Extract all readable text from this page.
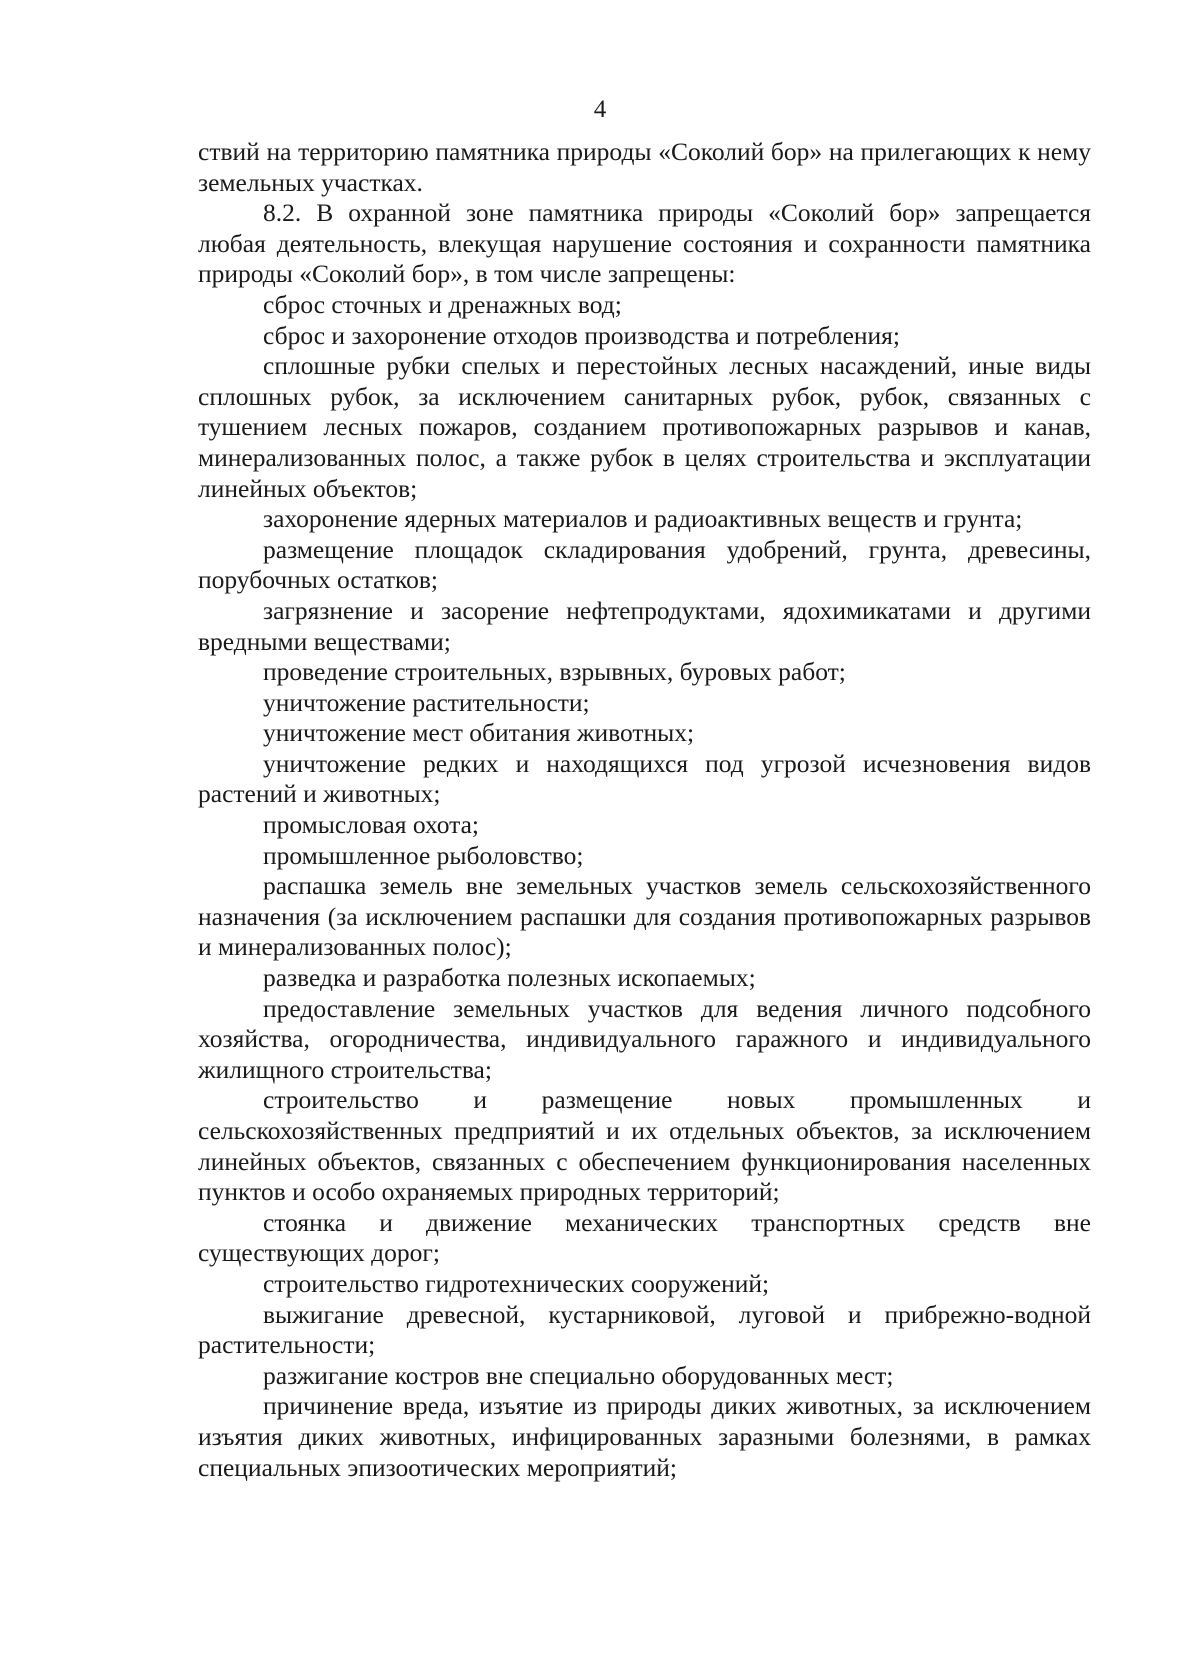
4

ствий на территорию памятника природы «Соколий бор» на прилегающих к нему земельных участках.

8.2. В охранной зоне памятника природы «Соколий бор» запрещается любая деятельность, влекущая нарушение состояния и сохранности памятника природы «Соколий бор», в том числе запрещены:

сброс сточных и дренажных вод;

сброс и захоронение отходов производства и потребления;

сплошные рубки спелых и перестойных лесных насаждений, иные виды сплошных рубок, за исключением санитарных рубок, рубок, связанных с тушением лесных пожаров, созданием противопожарных разрывов и канав, минерализованных полос, а также рубок в целях строительства и эксплуатации линейных объектов;

захоронение ядерных материалов и радиоактивных веществ и грунта;

размещение площадок складирования удобрений, грунта, древесины, порубочных остатков;

загрязнение и засорение нефтепродуктами, ядохимикатами и другими вредными веществами;

проведение строительных, взрывных, буровых работ;

уничтожение растительности;

уничтожение мест обитания животных;

уничтожение редких и находящихся под угрозой исчезновения видов растений и животных;

промысловая охота;

промышленное рыболовство;

распашка земель вне земельных участков земель сельскохозяйственного назначения (за исключением распашки для создания противопожарных разрывов и минерализованных полос);

разведка и разработка полезных ископаемых;

предоставление земельных участков для ведения личного подсобного хозяйства, огородничества, индивидуального гаражного и индивидуального жилищного строительства;

строительство и размещение новых промышленных и сельскохозяйственных предприятий и их отдельных объектов, за исключением линейных объектов, связанных с обеспечением функционирования населенных пунктов и особо охраняемых природных территорий;

стоянка и движение механических транспортных средств вне существующих дорог;

строительство гидротехнических сооружений;

выжигание древесной, кустарниковой, луговой и прибрежно-водной растительности;

разжигание костров вне специально оборудованных мест;

причинение вреда, изъятие из природы диких животных, за исключением изъятия диких животных, инфицированных заразными болезнями, в рамках специальных эпизоотических мероприятий;
